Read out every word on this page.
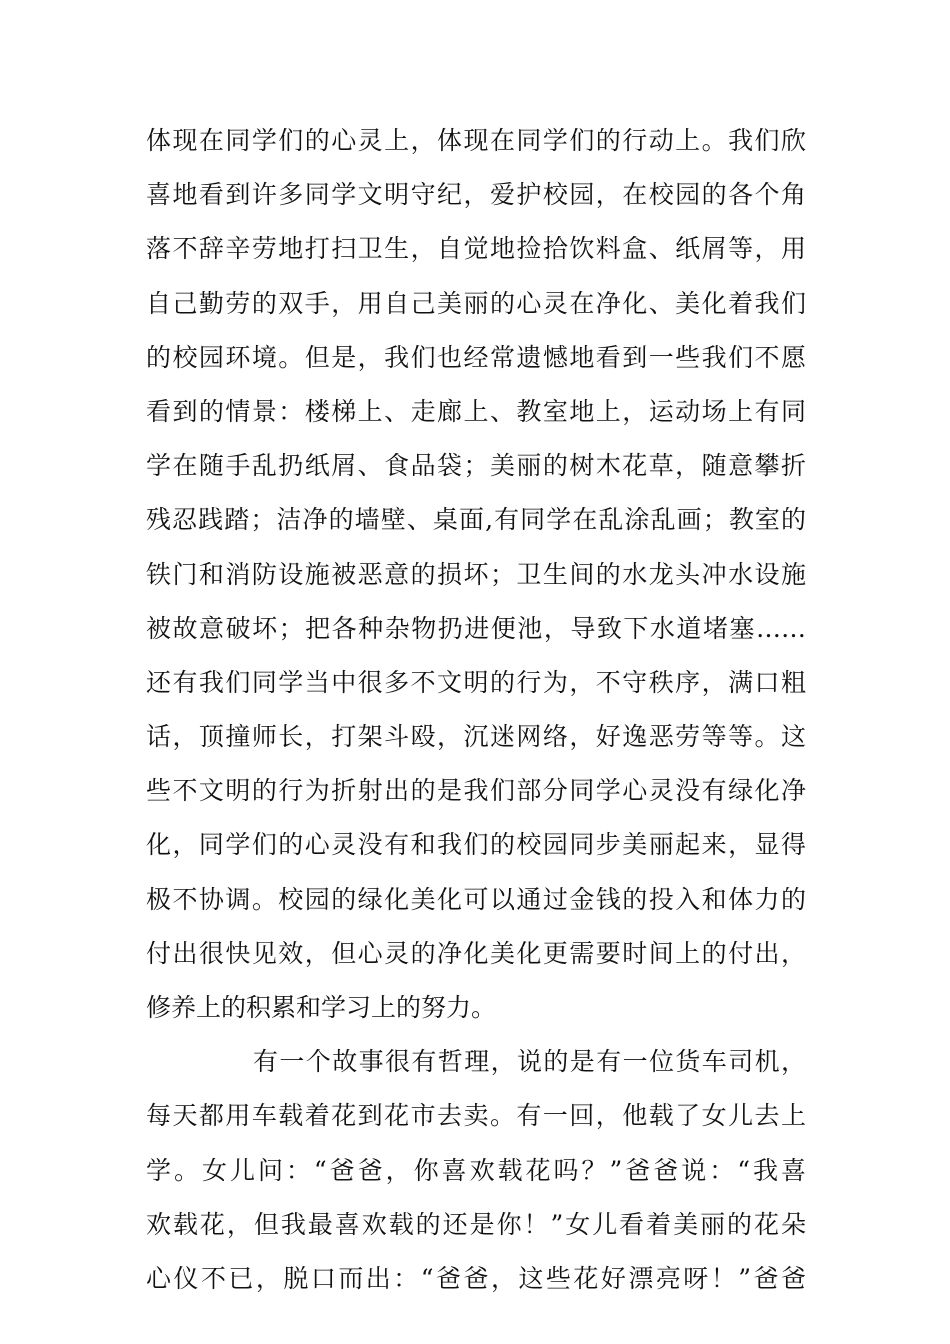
体现在同学们的心灵上，体现在同学们的行动上。我们欣
喜地看到许多同学文明守纪，爱护校园，在校园的各个角
落不辞辛劳地打扫卫生，自觉地捡拾饮料盒、纸屑等，用
自己勤劳的双手，用自己美丽的心灵在净化、美化着我们
的校园环境。但是，我们也经常遗憾地看到一些我们不愿
看到的情景：楼梯上、走廊上、教室地上，运动场上有同
学在随手乱扔纸屑、食品袋；美丽的树木花草，随意攀折
残忍践踏；洁净的墙壁、桌面,有同学在乱涂乱画；教室的
铁门和消防设施被恶意的损坏；卫生间的水龙头冲水设施
被故意破坏；把各种杂物扔进便池，导致下水道堵塞……
还有我们同学当中很多不文明的行为，不守秩序，满口粗
话，顶撞师长，打架斗殴，沉迷网络，好逸恶劳等等。这
些不文明的行为折射出的是我们部分同学心灵没有绿化净
化，同学们的心灵没有和我们的校园同步美丽起来，显得
极不协调。校园的绿化美化可以通过金钱的投入和体力的
付出很快见效，但心灵的净化美化更需要时间上的付出，
修养上的积累和学习上的努力。
有一个故事很有哲理，说的是有一位货车司机，
每天都用车载着花到花市去卖。有一回，他载了女儿去上
学。女儿问：“爸爸，你喜欢载花吗？”爸爸说：“我喜
欢载花，但我最喜欢载的还是你！”女儿看着美丽的花朵
心仪不已，脱口而出：“爸爸，这些花好漂亮呀！”爸爸
